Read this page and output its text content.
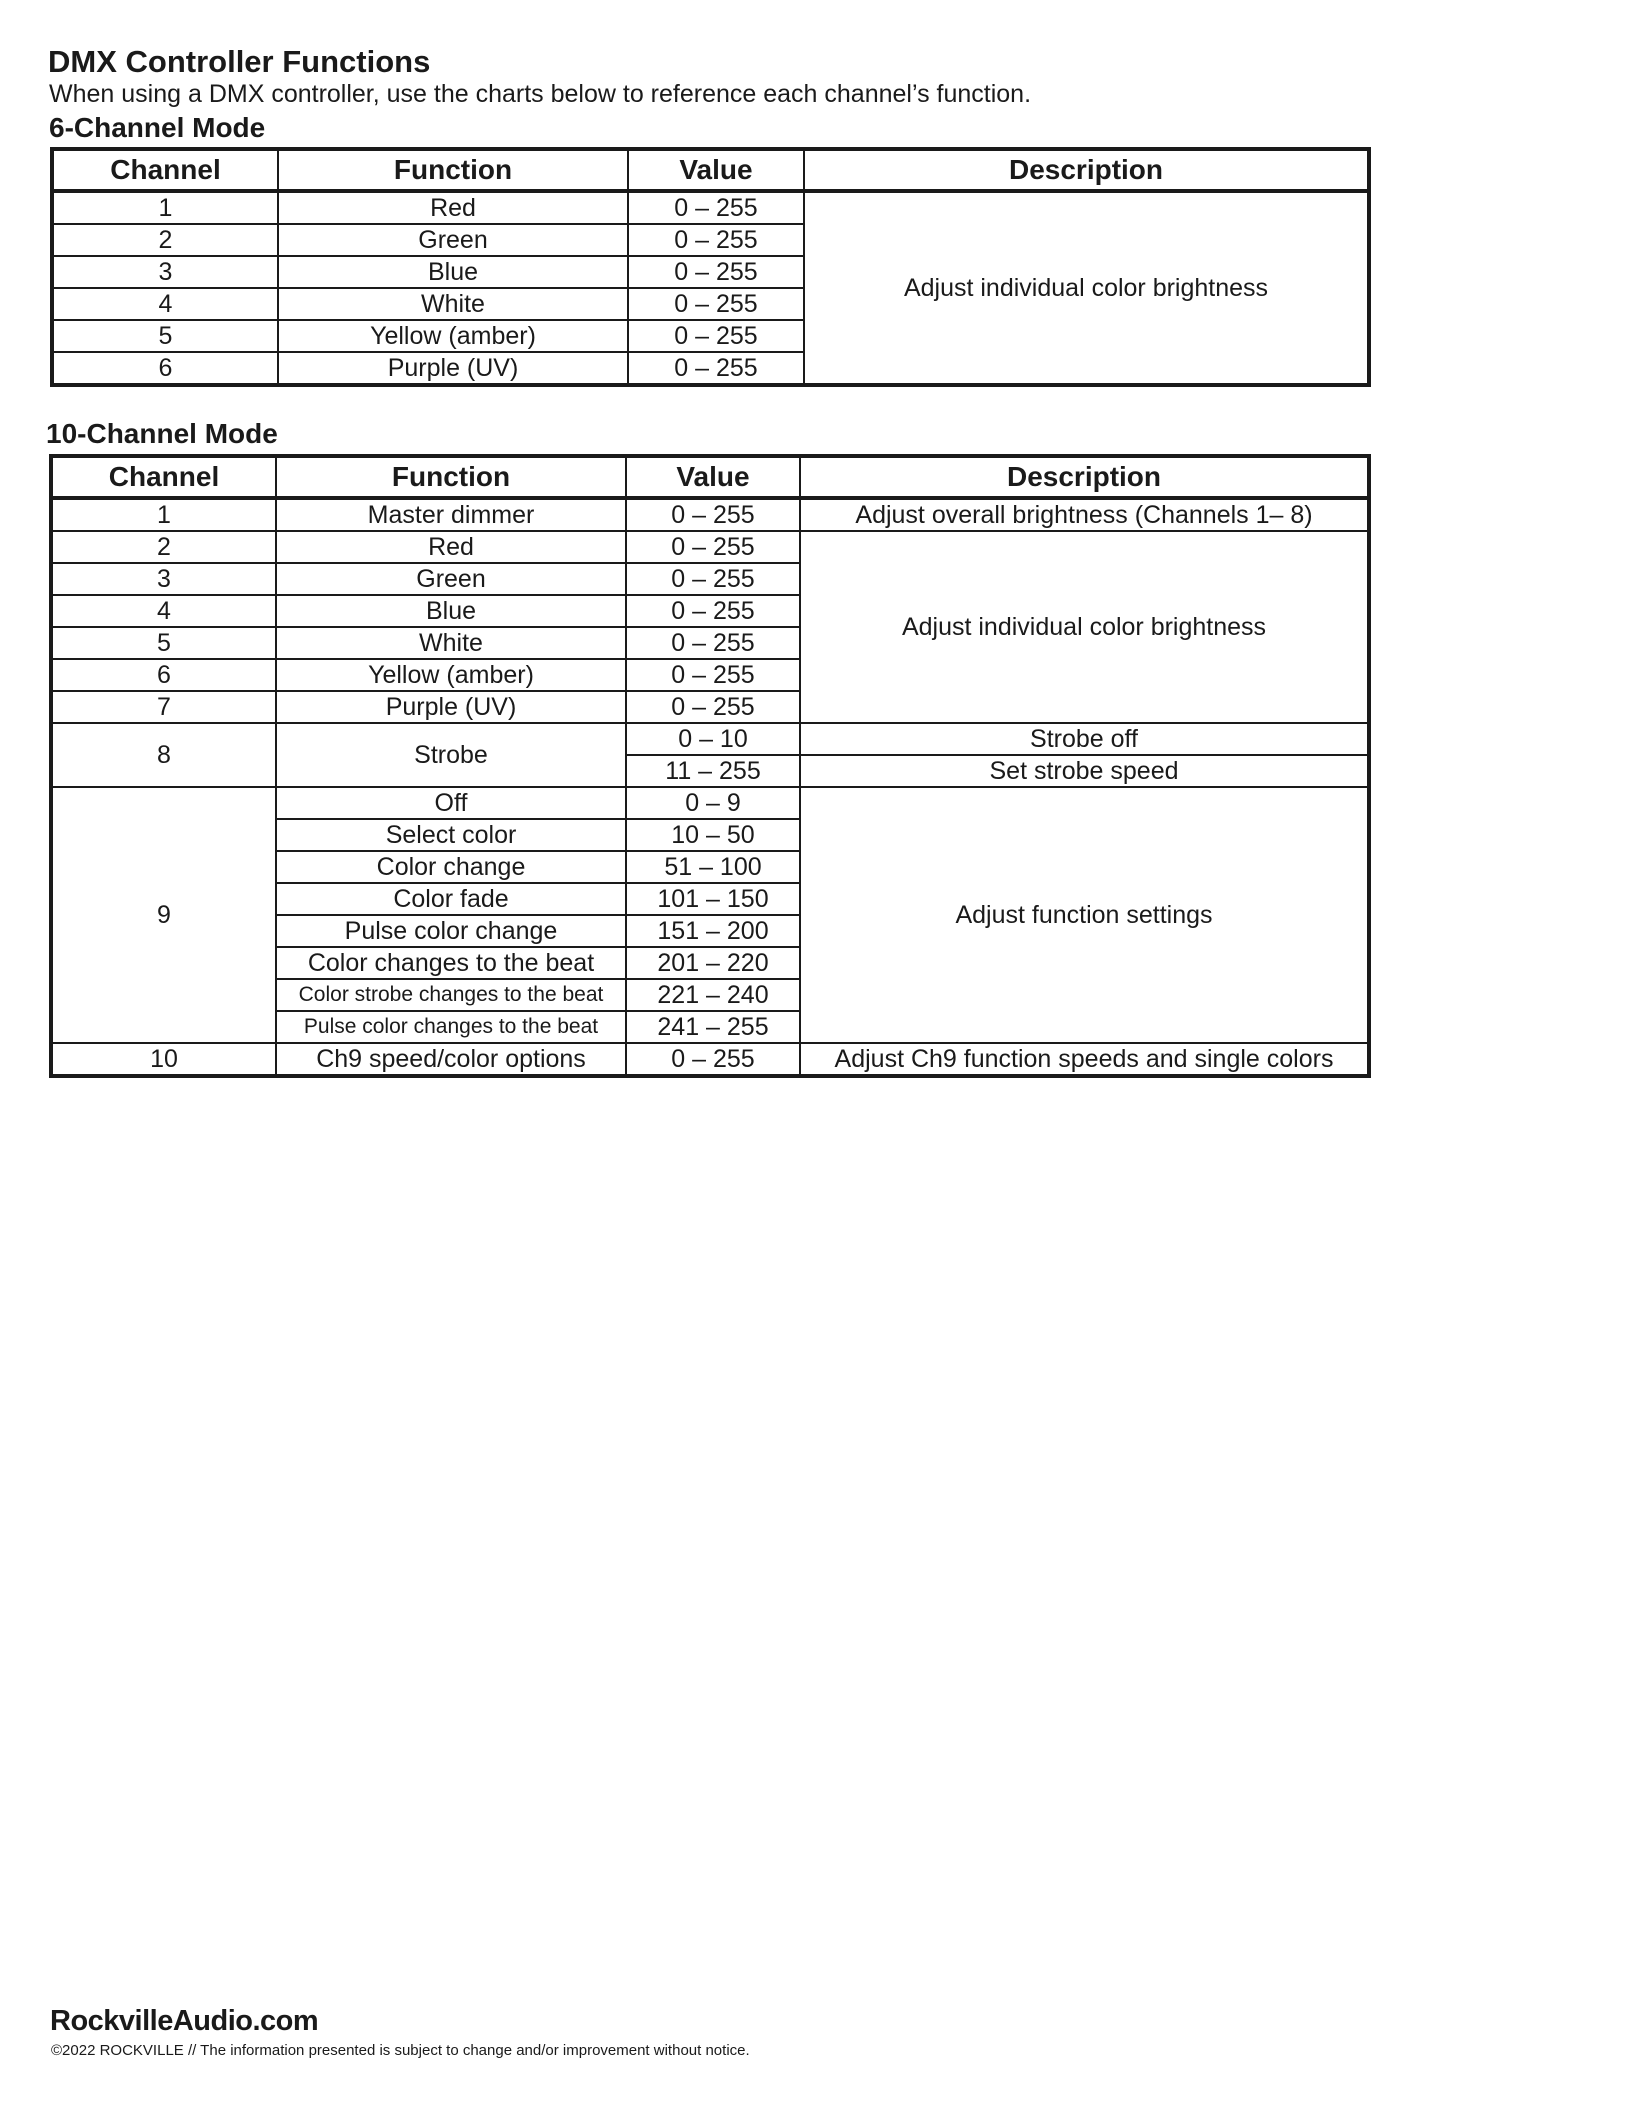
DMX Controller Functions
When using a DMX controller, use the charts below to reference each channel’s function.
6-Channel Mode
Channel	Function	Value	Description
1	Red	0 – 255	Adjust individual color brightness
2	Green	0 – 255	
3	Blue	0 – 255	
4	White	0 – 255	
5	Yellow (amber)	0 – 255	
6	Purple (UV)	0 – 255	
10-Channel Mode
Channel	Function	Value	Description
1	Master dimmer	0 – 255	Adjust overall brightness (Channels 1– 8)
2	Red	0 – 255	Adjust individual color brightness
3	Green	0 – 255	
4	Blue	0 – 255	
5	White	0 – 255	
6	Yellow (amber)	0 – 255	
7	Purple (UV)	0 – 255	
8	Strobe	0 – 10	Strobe off
		11 – 255	Set strobe speed
9	Off	0 – 9	Adjust function settings
	Select color	10 – 50	
	Color change	51 – 100	
	Color fade	101 – 150	
	Pulse color change	151 – 200	
	Color changes to the beat	201 – 220	
	Color strobe changes to the beat	221 – 240	
	Pulse color changes to the beat	241 – 255	
10	Ch9 speed/color options	0 – 255	Adjust Ch9 function speeds and single colors
RockvilleAudio.com
©2022 ROCKVILLE // The information presented is subject to change and/or improvement without notice.
